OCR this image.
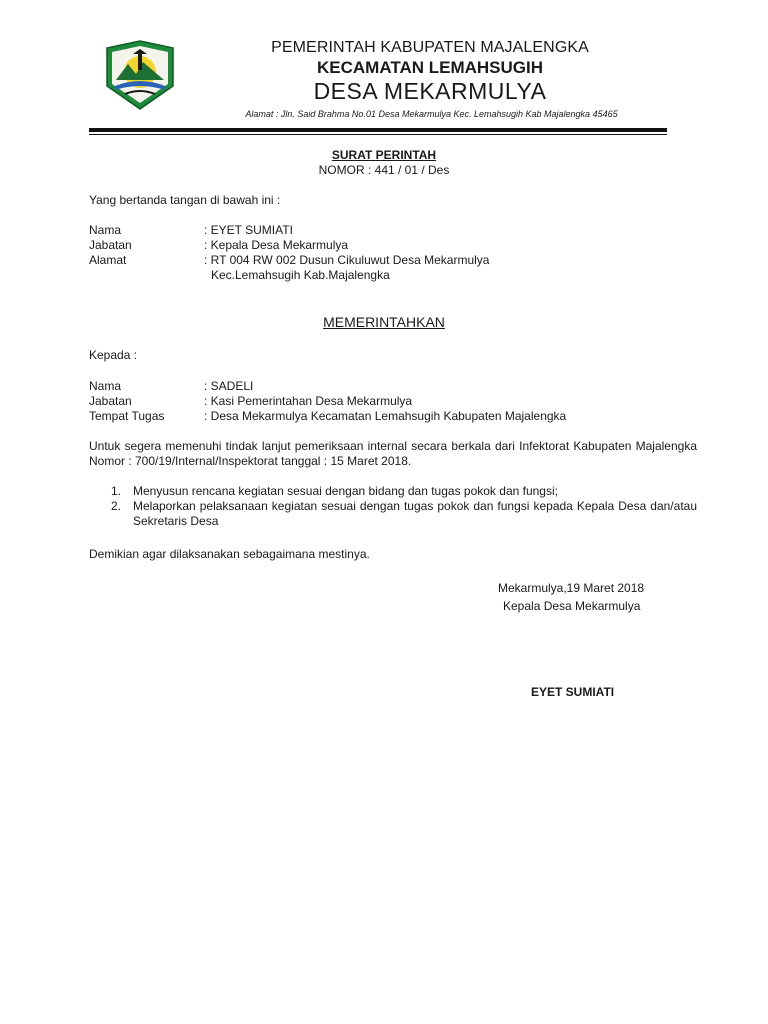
PEMERINTAH KABUPATEN MAJALENGKA
KECAMATAN LEMAHSUGIH
DESA MEKARMULYA
Alamat : Jln. Said Brahma No.01 Desa Mekarmulya Kec. Lemahsugih Kab Majalengka 45465
SURAT PERINTAH
NOMOR : 441 / 01 / Des
Yang bertanda tangan di bawah ini :
Nama	: EYET SUMIATI
Jabatan	: Kepala Desa Mekarmulya
Alamat	: RT 004 RW 002 Dusun Cikuluwut Desa Mekarmulya
Kec.Lemahsugih Kab.Majalengka
MEMERINTAHKAN
Kepada :
Nama	: SADELI
Jabatan	: Kasi Pemerintahan Desa Mekarmulya
Tempat Tugas	: Desa Mekarmulya Kecamatan Lemahsugih Kabupaten Majalengka
Untuk segera memenuhi tindak lanjut pemeriksaan internal secara berkala dari Infektorat Kabupaten Majalengka Nomor : 700/19/Internal/Inspektorat tanggal : 15 Maret 2018.
1. Menyusun rencana kegiatan sesuai dengan bidang dan tugas pokok dan fungsi;
2. Melaporkan pelaksanaan kegiatan sesuai dengan tugas pokok dan fungsi kepada Kepala Desa dan/atau Sekretaris Desa
Demikian agar dilaksanakan sebagaimana mestinya.
Mekarmulya,19 Maret 2018
Kepala Desa Mekarmulya
EYET SUMIATI
